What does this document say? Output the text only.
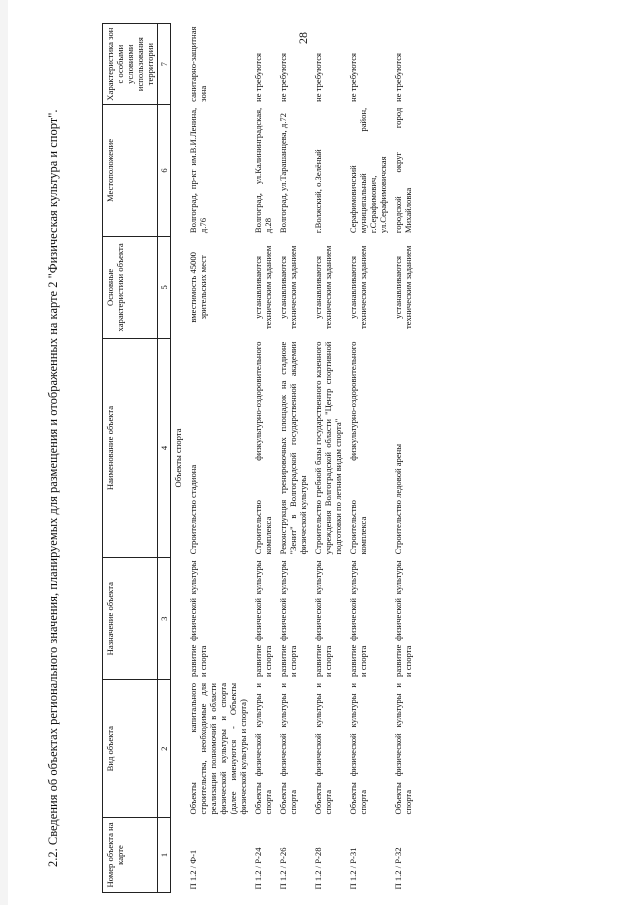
28
2.2. Сведения об объектах регионального значения, планируемых для размещения и отображенных на карте 2 "Физическая культура и спорт".	Номер объекта на карте	Вид объекта	Назначение объекта	Наименование объекта	Основные характеристики объекта	Местоположение	Характеристика зон с особыми условиями использования территории
1	2	3	4	5	6	7
Объекты спорта						
П 1.2 / Ф-1	Объекты капитального строительства, необходимые для реализации полномочий в области физической культуры и спорта (далее именуются - Объекты физической культуры и спорта)	развитие физической культуры и спорта	Строительство стадиона	вместимость 45000 зрительских мест	Волгоград, пр-кт им.В.И.Ленина, д.76	санитарно-защитная зона
П 1.2 / Р-24	Объекты физической культуры и спорта	развитие физической культуры и спорта	Строительство физкультурно-оздоровительного комплекса	устанавливаются техническим заданием	Волгоград, ул.Калининградская, д.28	не требуются
П 1.2 / Р-26	Объекты физической культуры и спорта	развитие физической культуры и спорта	Реконструкция тренировочных площадок на стадионе "Зенит" в Волгоградской государственной академии физической культуры	устанавливаются техническим заданием	Волгоград, ул.Тарашанцева, д.72	не требуются
П 1.2 / Р-28	Объекты физической культуры и спорта	развитие физической культуры и спорта	Строительство гребной базы государственного казенного учреждения Волгоградской области "Центр спортивной подготовки по летним видам спорта"	устанавливаются техническим заданием	г.Волжский, о.Зелёный	не требуются
П 1.2 / Р-31	Объекты физической культуры и спорта	развитие физической культуры и спорта	Строительство физкультурно-оздоровительного комплекса	устанавливаются техническим заданием	Серафимовичский муниципальный район, г.Серафимович, ул.Серафимовичская	не требуются
П 1.2 / Р-32	Объекты физической культуры и спорта	развитие физической культуры и спорта	Строительство ледовой арены	устанавливаются техническим заданием	городской округ город Михайловка	не требуются
